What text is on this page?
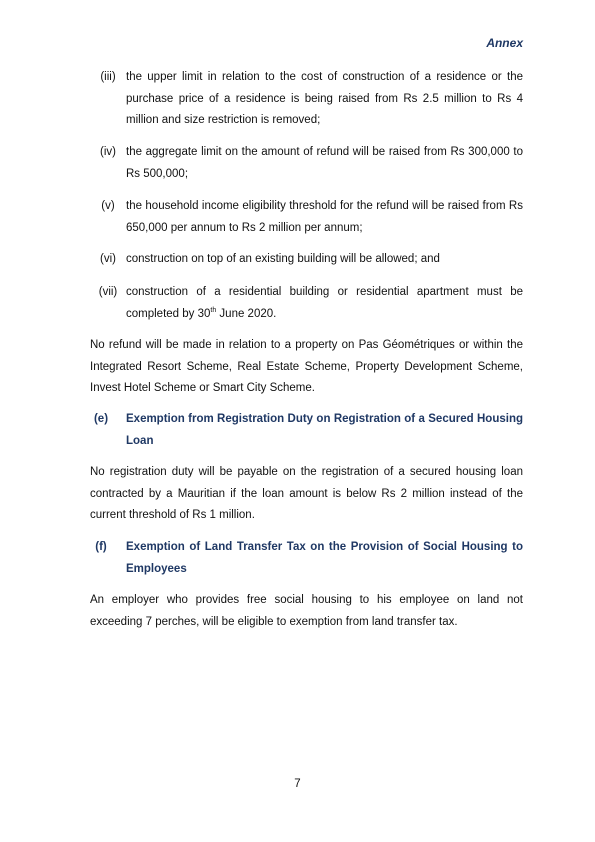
Annex
(iii) the upper limit in relation to the cost of construction of a residence or the purchase price of a residence is being raised from Rs 2.5 million to Rs 4 million and size restriction is removed;
(iv) the aggregate limit on the amount of refund will be raised from Rs 300,000 to Rs 500,000;
(v) the household income eligibility threshold for the refund will be raised from Rs 650,000 per annum to Rs 2 million per annum;
(vi) construction on top of an existing building will be allowed; and
(vii) construction of a residential building or residential apartment must be completed by 30th June 2020.
No refund will be made in relation to a property on Pas Géométriques or within the Integrated Resort Scheme, Real Estate Scheme, Property Development Scheme, Invest Hotel Scheme or Smart City Scheme.
(e)	Exemption from Registration Duty on Registration of a Secured Housing Loan
No registration duty will be payable on the registration of a secured housing loan contracted by a Mauritian if the loan amount is below Rs 2 million instead of the current threshold of Rs 1 million.
(f)	Exemption of Land Transfer Tax on the Provision of Social Housing to Employees
An employer who provides free social housing to his employee on land not exceeding 7 perches, will be eligible to exemption from land transfer tax.
7
